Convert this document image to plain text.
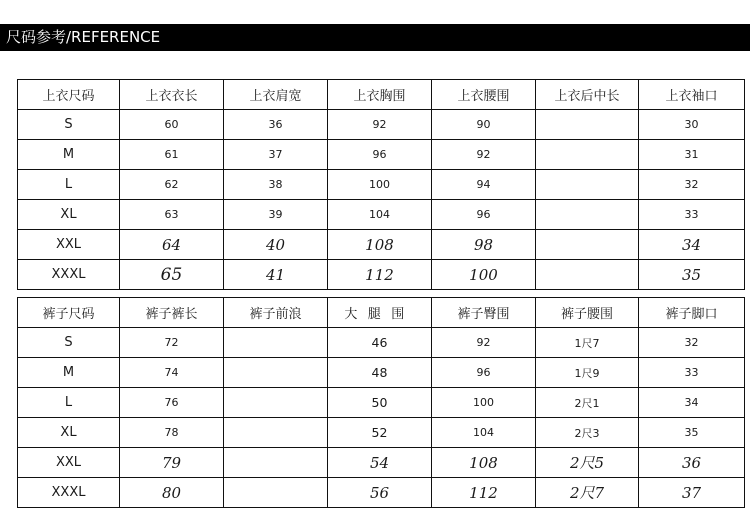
尺码参考/REFERENCE
上衣尺码	上衣衣长	上衣肩宽	上衣胸围	上衣腰围	上衣后中长	上衣袖口
S	60	36	92	90		30
M	61	37	96	92		31
L	62	38	100	94		32
XL	63	39	104	96		33
XXL	64	40	108	98		34
XXXL	65	41	112	100		35
裤子尺码	裤子裤长	裤子前浪	大腿围	裤子臀围	裤子腰围	裤子脚口
S	72		46	92	1尺7	32
M	74		48	96	1尺9	33
L	76		50	100	2尺1	34
XL	78		52	104	2尺3	35
XXL	79		54	108	2尺5	36
XXXL	80		56	112	2尺7	37
